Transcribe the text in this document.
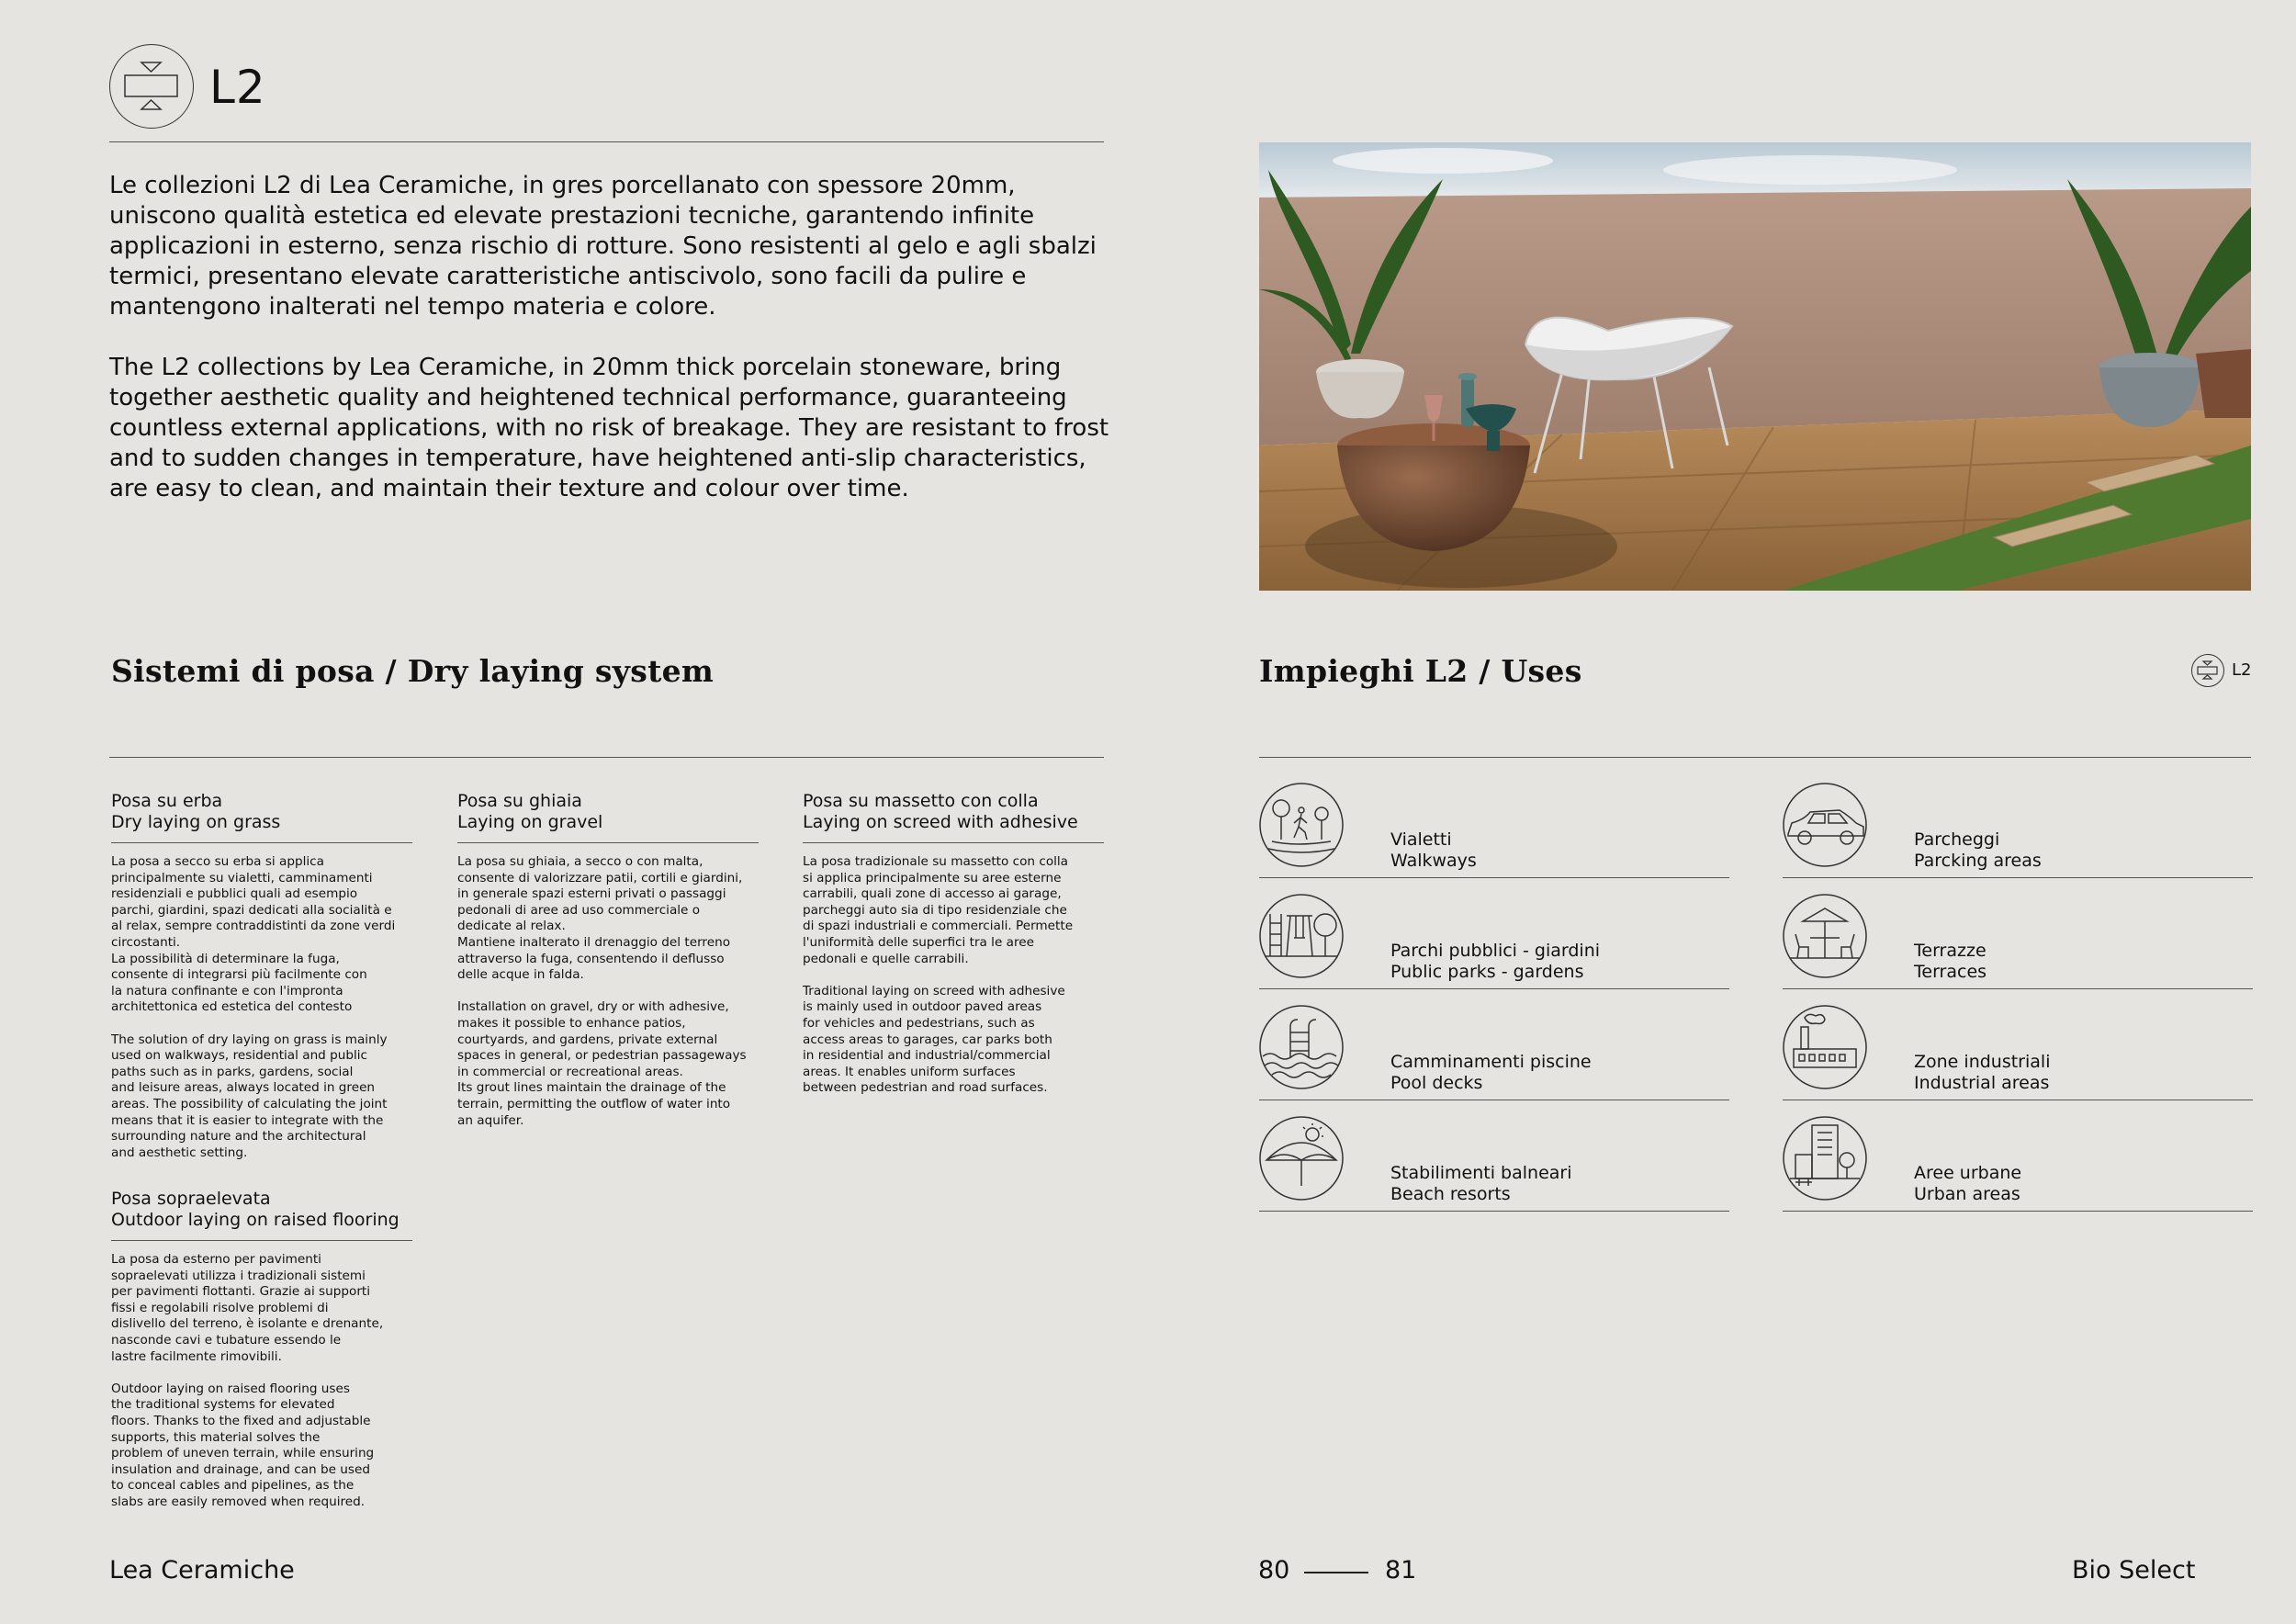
L2

Le collezioni L2 di Lea Ceramiche, in gres porcellanato con spessore 20mm, uniscono qualità estetica ed elevate prestazioni tecniche, garantendo infinite applicazioni in esterno, senza rischio di rotture. Sono resistenti al gelo e agli sbalzi termici, presentano elevate caratteristiche antiscivolo, sono facili da pulire e mantengono inalterati nel tempo materia e colore.

The L2 collections by Lea Ceramiche, in 20mm thick porcelain stoneware, bring together aesthetic quality and heightened technical performance, guaranteeing countless external applications, with no risk of breakage. They are resistant to frost and to sudden changes in temperature, have heightened anti-slip characteristics, are easy to clean, and maintain their texture and colour over time.

Sistemi di posa / Dry laying system	Impieghi L2 / Uses	L2
Posa su erba
Dry laying on grass
La posa a secco su erba si applica
principalmente su vialetti, camminamenti
residenziali e pubblici quali ad esempio
parchi, giardini, spazi dedicati alla socialità e
al relax, sempre contraddistinti da zone verdi
circostanti.
La possibilità di determinare la fuga,
consente di integrarsi più facilmente con
la natura confinante e con l'impronta
architettonica ed estetica del contesto

The solution of dry laying on grass is mainly
used on walkways, residential and public
paths such as in parks, gardens, social
and leisure areas, always located in green
areas. The possibility of calculating the joint
means that it is easier to integrate with the
surrounding nature and the architectural
and aesthetic setting.
Posa su ghiaia
Laying on gravel
La posa su ghiaia, a secco o con malta,
consente di valorizzare patii, cortili e giardini,
in generale spazi esterni privati o passaggi
pedonali di aree ad uso commerciale o
dedicate al relax.
Mantiene inalterato il drenaggio del terreno
attraverso la fuga, consentendo il deflusso
delle acque in falda.

Installation on gravel, dry or with adhesive,
makes it possible to enhance patios,
courtyards, and gardens, private external
spaces in general, or pedestrian passageways
in commercial or recreational areas.
Its grout lines maintain the drainage of the
terrain, permitting the outflow of water into
an aquifer.
Posa su massetto con colla
Laying on screed with adhesive
La posa tradizionale su massetto con colla
si applica principalmente su aree esterne
carrabili, quali zone di accesso ai garage,
parcheggi auto sia di tipo residenziale che
di spazi industriali e commerciali. Permette
l'uniformità delle superfici tra le aree
pedonali e quelle carrabili.

Traditional laying on screed with adhesive
is mainly used in outdoor paved areas
for vehicles and pedestrians, such as
access areas to garages, car parks both
in residential and industrial/commercial
areas. It enables uniform surfaces
between pedestrian and road surfaces.
Posa sopraelevata
Outdoor laying on raised flooring
La posa da esterno per pavimenti
sopraelevati utilizza i tradizionali sistemi
per pavimenti flottanti. Grazie ai supporti
fissi e regolabili risolve problemi di
dislivello del terreno, è isolante e drenante,
nasconde cavi e tubature essendo le
lastre facilmente rimovibili.

Outdoor laying on raised flooring uses
the traditional systems for elevated
floors. Thanks to the fixed and adjustable
supports, this material solves the
problem of uneven terrain, while ensuring
insulation and drainage, and can be used
to conceal cables and pipelines, as the
slabs are easily removed when required.
Vialetti
Walkways
Parcheggi
Parcking areas
Parchi pubblici - giardini
Public parks - gardens
Terrazze
Terraces
Camminamenti piscine
Pool decks
Zone industriali
Industrial areas
Stabilimenti balneari
Beach resorts
Aree urbane
Urban areas
Lea Ceramiche	80	81	Bio Select
